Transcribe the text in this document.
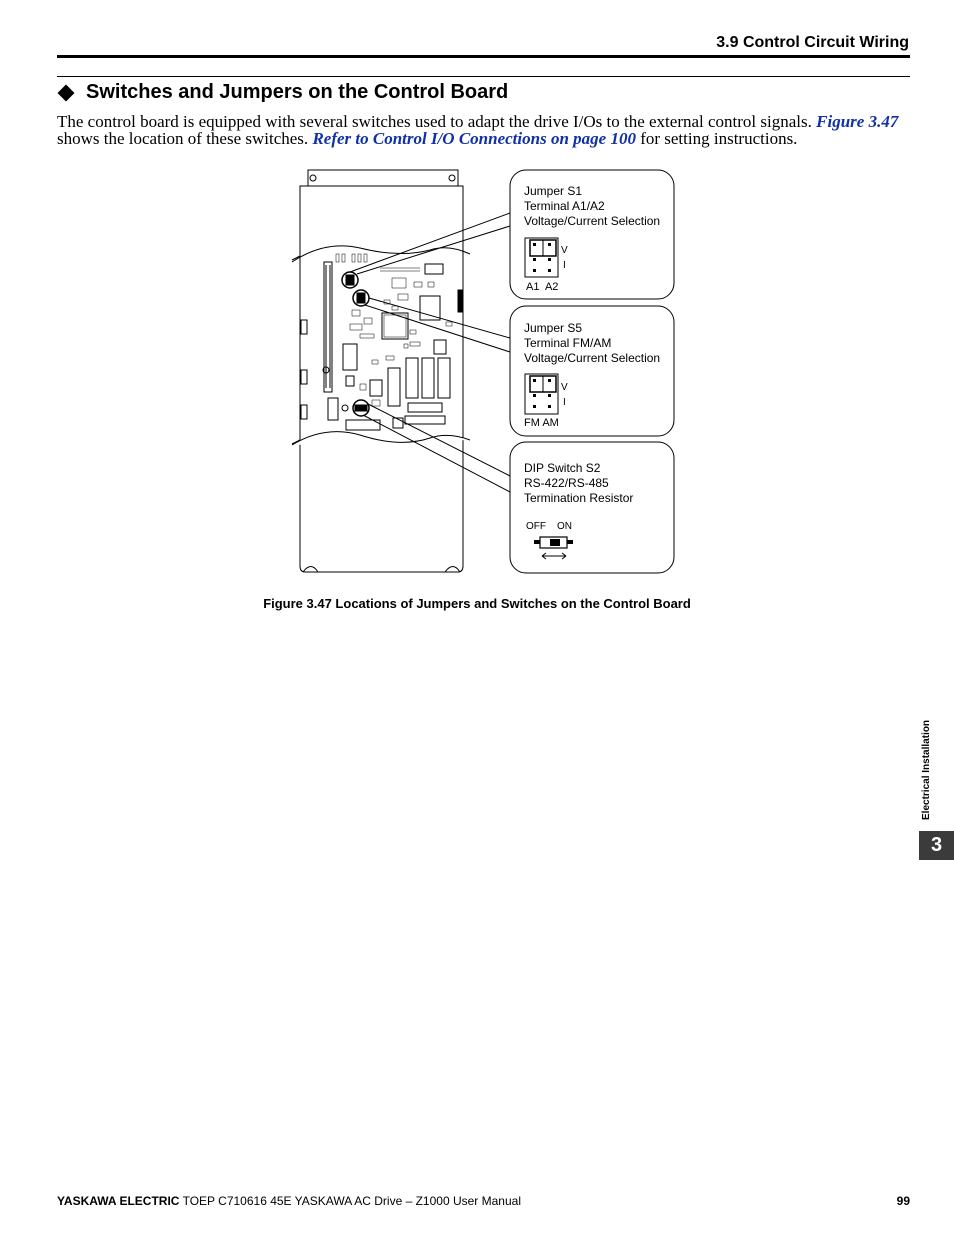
3.9 Control Circuit Wiring
Switches and Jumpers on the Control Board
The control board is equipped with several switches used to adapt the drive I/Os to the external control signals. Figure 3.47
shows the location of these switches. Refer to Control I/O Connections on page 100 for setting instructions.
Jumper S1
Terminal A1/A2
Voltage/Current Selection
V
I
A1  A2
Jumper S5
Terminal FM/AM
Voltage/Current Selection
V
I
FM AM
DIP Switch S2
RS-422/RS-485
Termination Resistor
OFF ON
Figure 3.47 Locations of Jumpers and Switches on the Control Board
Electrical Installation
3
YASKAWA ELECTRIC TOEP C710616 45E YASKAWA AC Drive – Z1000 User Manual	99
